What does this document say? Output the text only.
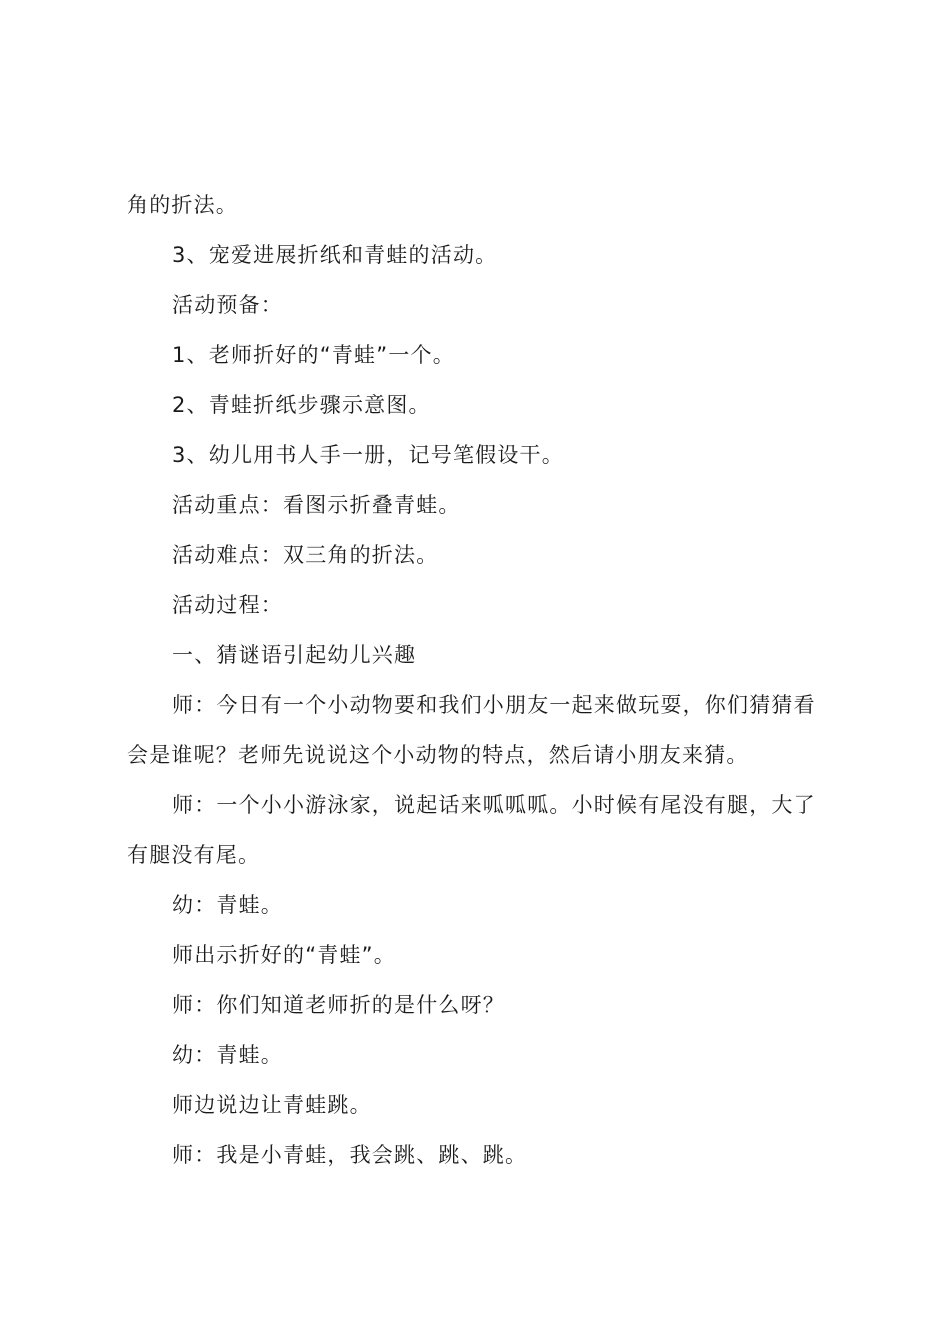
角的折法。

3、宠爱进展折纸和青蛙的活动。

活动预备：

1、老师折好的“青蛙”一个。

2、青蛙折纸步骤示意图。

3、幼儿用书人手一册，记号笔假设干。

活动重点：看图示折叠青蛙。

活动难点：双三角的折法。

活动过程：

一、猜谜语引起幼儿兴趣

师：今日有一个小动物要和我们小朋友一起来做玩耍，你们猜猜看会是谁呢？老师先说说这个小动物的特点，然后请小朋友来猜。

师：一个小小游泳家，说起话来呱呱呱。小时候有尾没有腿，大了有腿没有尾。

幼：青蛙。

师出示折好的“青蛙”。

师：你们知道老师折的是什么呀？

幼：青蛙。

师边说边让青蛙跳。

师：我是小青蛙，我会跳、跳、跳。
